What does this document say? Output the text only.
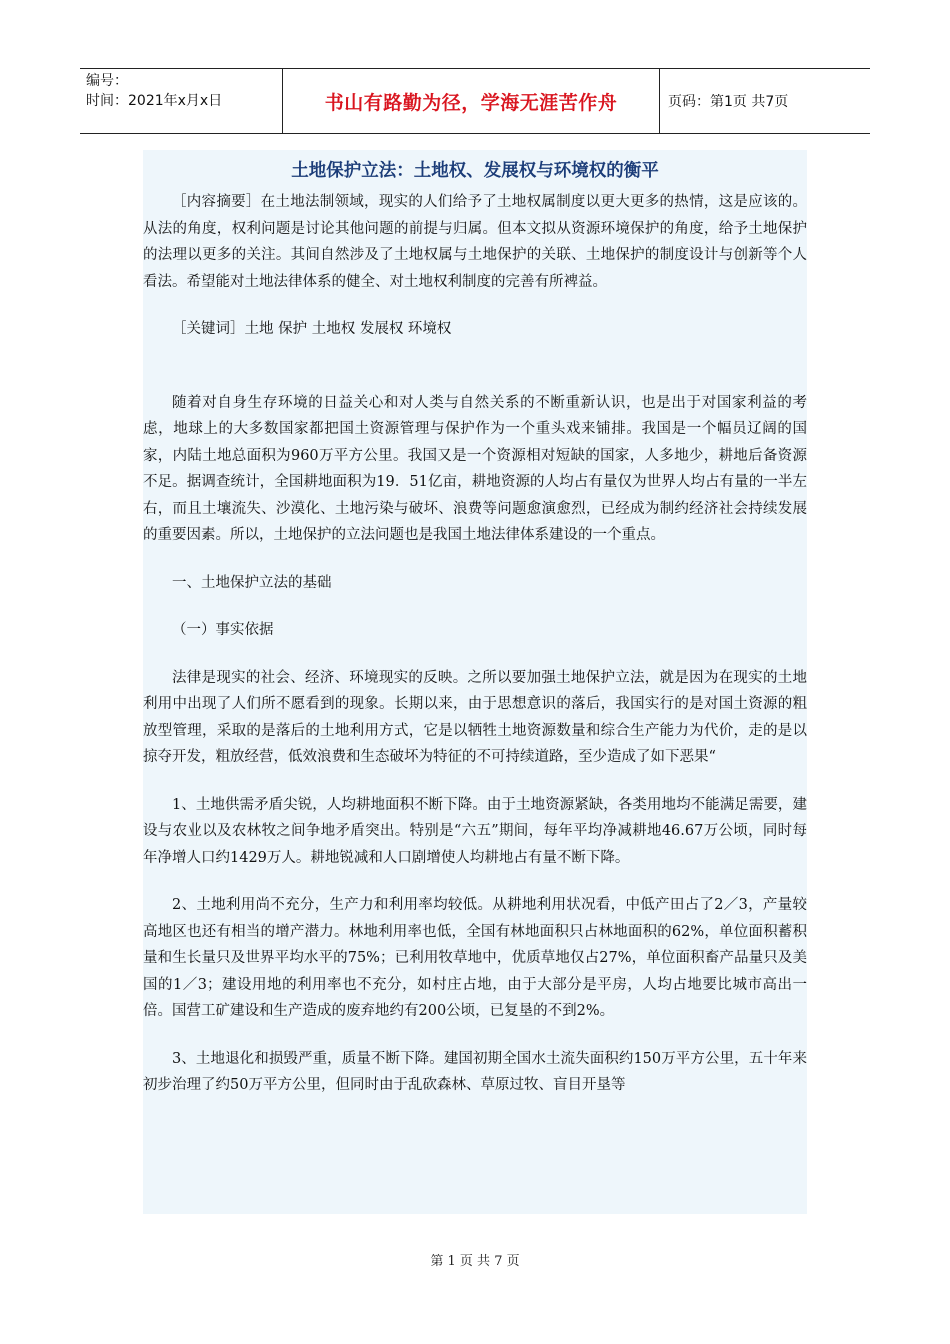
编号：
时间：2021年x月x日	书山有路勤为径，学海无涯苦作舟	页码：第1页 共7页
土地保护立法：土地权、发展权与环境权的衡平

［内容摘要］在土地法制领域，现实的人们给予了土地权属制度以更大更多的热情，这是应该的。从法的角度，权利问题是讨论其他问题的前提与归属。但本文拟从资源环境保护的角度，给予土地保护的法理以更多的关注。其间自然涉及了土地权属与土地保护的关联、土地保护的制度设计与创新等个人看法。希望能对土地法律体系的健全、对土地权利制度的完善有所裨益。

［关键词］土地 保护 土地权 发展权 环境权

随着对自身生存环境的日益关心和对人类与自然关系的不断重新认识，也是出于对国家利益的考虑，地球上的大多数国家都把国土资源管理与保护作为一个重头戏来铺排。我国是一个幅员辽阔的国家，内陆土地总面积为960万平方公里。我国又是一个资源相对短缺的国家，人多地少，耕地后备资源不足。据调查统计，全国耕地面积为19．51亿亩，耕地资源的人均占有量仅为世界人均占有量的一半左右，而且土壤流失、沙漠化、土地污染与破坏、浪费等问题愈演愈烈，已经成为制约经济社会持续发展的重要因素。所以，土地保护的立法问题也是我国土地法律体系建设的一个重点。

一、土地保护立法的基础

（一）事实依据

法律是现实的社会、经济、环境现实的反映。之所以要加强土地保护立法，就是因为在现实的土地利用中出现了人们所不愿看到的现象。长期以来，由于思想意识的落后，我国实行的是对国土资源的粗放型管理，采取的是落后的土地利用方式，它是以牺牲土地资源数量和综合生产能力为代价，走的是以掠夺开发，粗放经营，低效浪费和生态破坏为特征的不可持续道路，至少造成了如下恶果“

1、土地供需矛盾尖锐，人均耕地面积不断下降。由于土地资源紧缺，各类用地均不能满足需要，建设与农业以及农林牧之间争地矛盾突出。特别是“六五”期间，每年平均净减耕地46.67万公顷，同时每年净增人口约1429万人。耕地锐减和人口剧增使人均耕地占有量不断下降。

2、土地利用尚不充分，生产力和利用率均较低。从耕地利用状况看，中低产田占了2／3，产量较高地区也还有相当的增产潜力。林地利用率也低，全国有林地面积只占林地面积的62%，单位面积蓄积量和生长量只及世界平均水平的75%；已利用牧草地中，优质草地仅占27%，单位面积畜产品量只及美国的1／3；建设用地的利用率也不充分，如村庄占地，由于大部分是平房，人均占地要比城市高出一倍。国营工矿建设和生产造成的废弃地约有200公顷，已复垦的不到2%。

3、土地退化和损毁严重，质量不断下降。建国初期全国水土流失面积约150万平方公里，五十年来初步治理了约50万平方公里，但同时由于乱砍森林、草原过牧、盲目开垦等

第 1 页 共 7 页
